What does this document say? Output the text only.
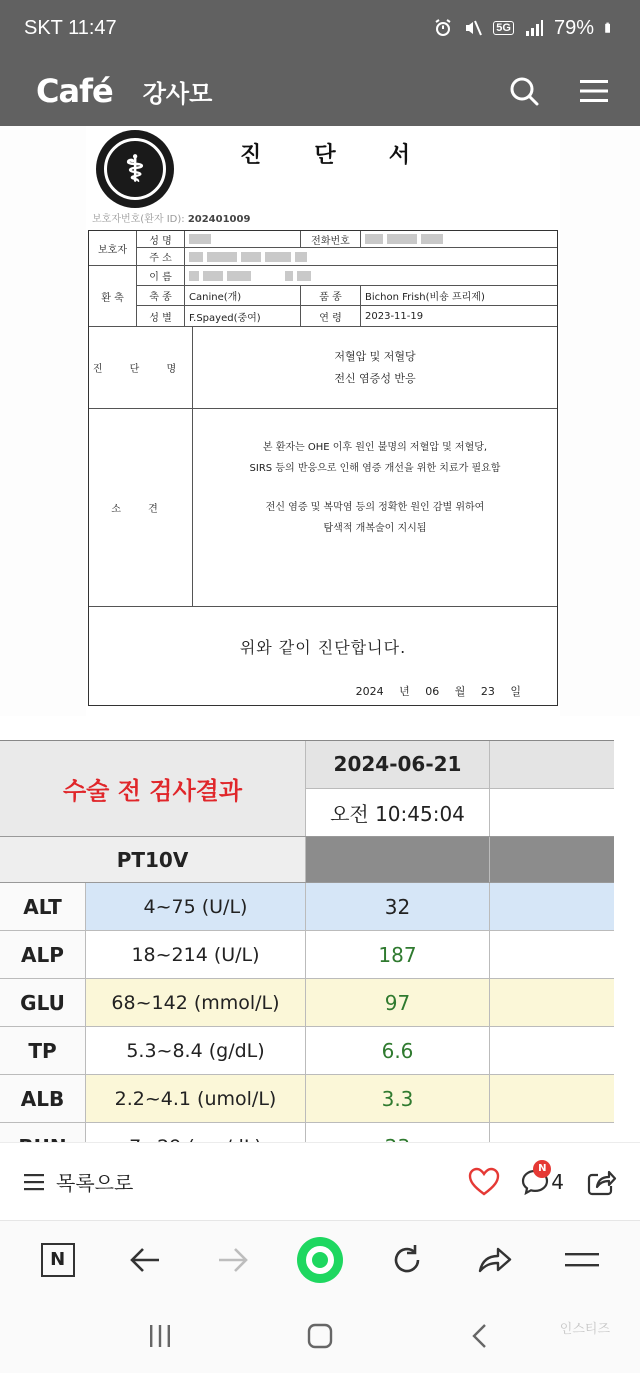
SKT 11:47	5G 79%
Café 강사모
⚕	진 단 서
보호자번호(환자 ID): 202401009
보호자
성 명	전화번호
주 소
환 축
이 름
축 종	Canine(개)	품 종	Bichon Frish(비숑 프리제)
성 별	F.Spayed(중여)	연 령	2023-11-19
진 단 명
저혈압 및 저혈당
전신 염증성 반응
소 견
본 환자는 OHE 이후 원인 불명의 저혈압 및 저혈당,
SIRS 등의 반응으로 인해 염증 개선을 위한 치료가 필요함
전신 염증 및 복막염 등의 정확한 원인 감별 위하여
탐색적 개복술이 지시됨
위와 같이 진단합니다.
2024 년 06 월 23 일
수술 전 검사결과
2024-06-21
오전 10:45:04
PT10V
ALT	4~75 (U/L)	32
ALP	18~214 (U/L)	187
GLU	68~142 (mmol/L)	97
TP	5.3~8.4 (g/dL)	6.6
ALB	2.2~4.1 (umol/L)	3.3
목록으로
N
4
N
인스티즈
